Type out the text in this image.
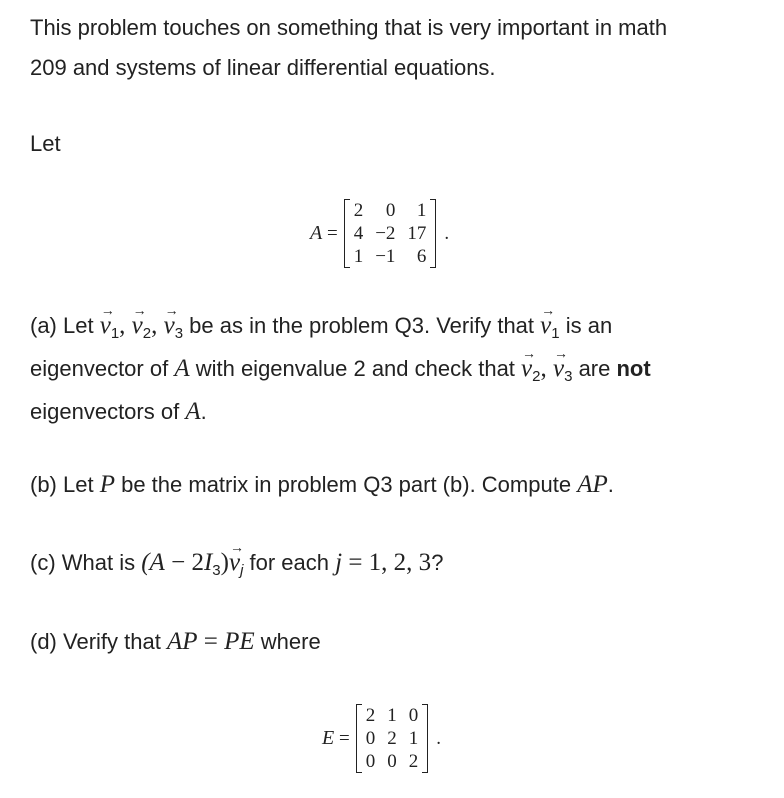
This problem touches on something that is very important in math
209 and systems of linear differential equations.
Let
A =
2	0	1
4	−2	17
1	−1	6
.
(a) Let → $v_1$, → $v_2$, → $v_3$ be as in the problem Q3. Verify that → $v_1$ is an
eigenvector of A with eigenvalue 2 and check that → $v_2$, → $v_3$ are not
eigenvectors of A.
(b) Let P be the matrix in problem Q3 part (b). Compute AP.
(c) What is $(A - 2I_3)\to v_j$ for each j = 1, 2, 3?
(d) Verify that AP = PE where
E =
2	1	0
0	2	1
0	0	2
.
